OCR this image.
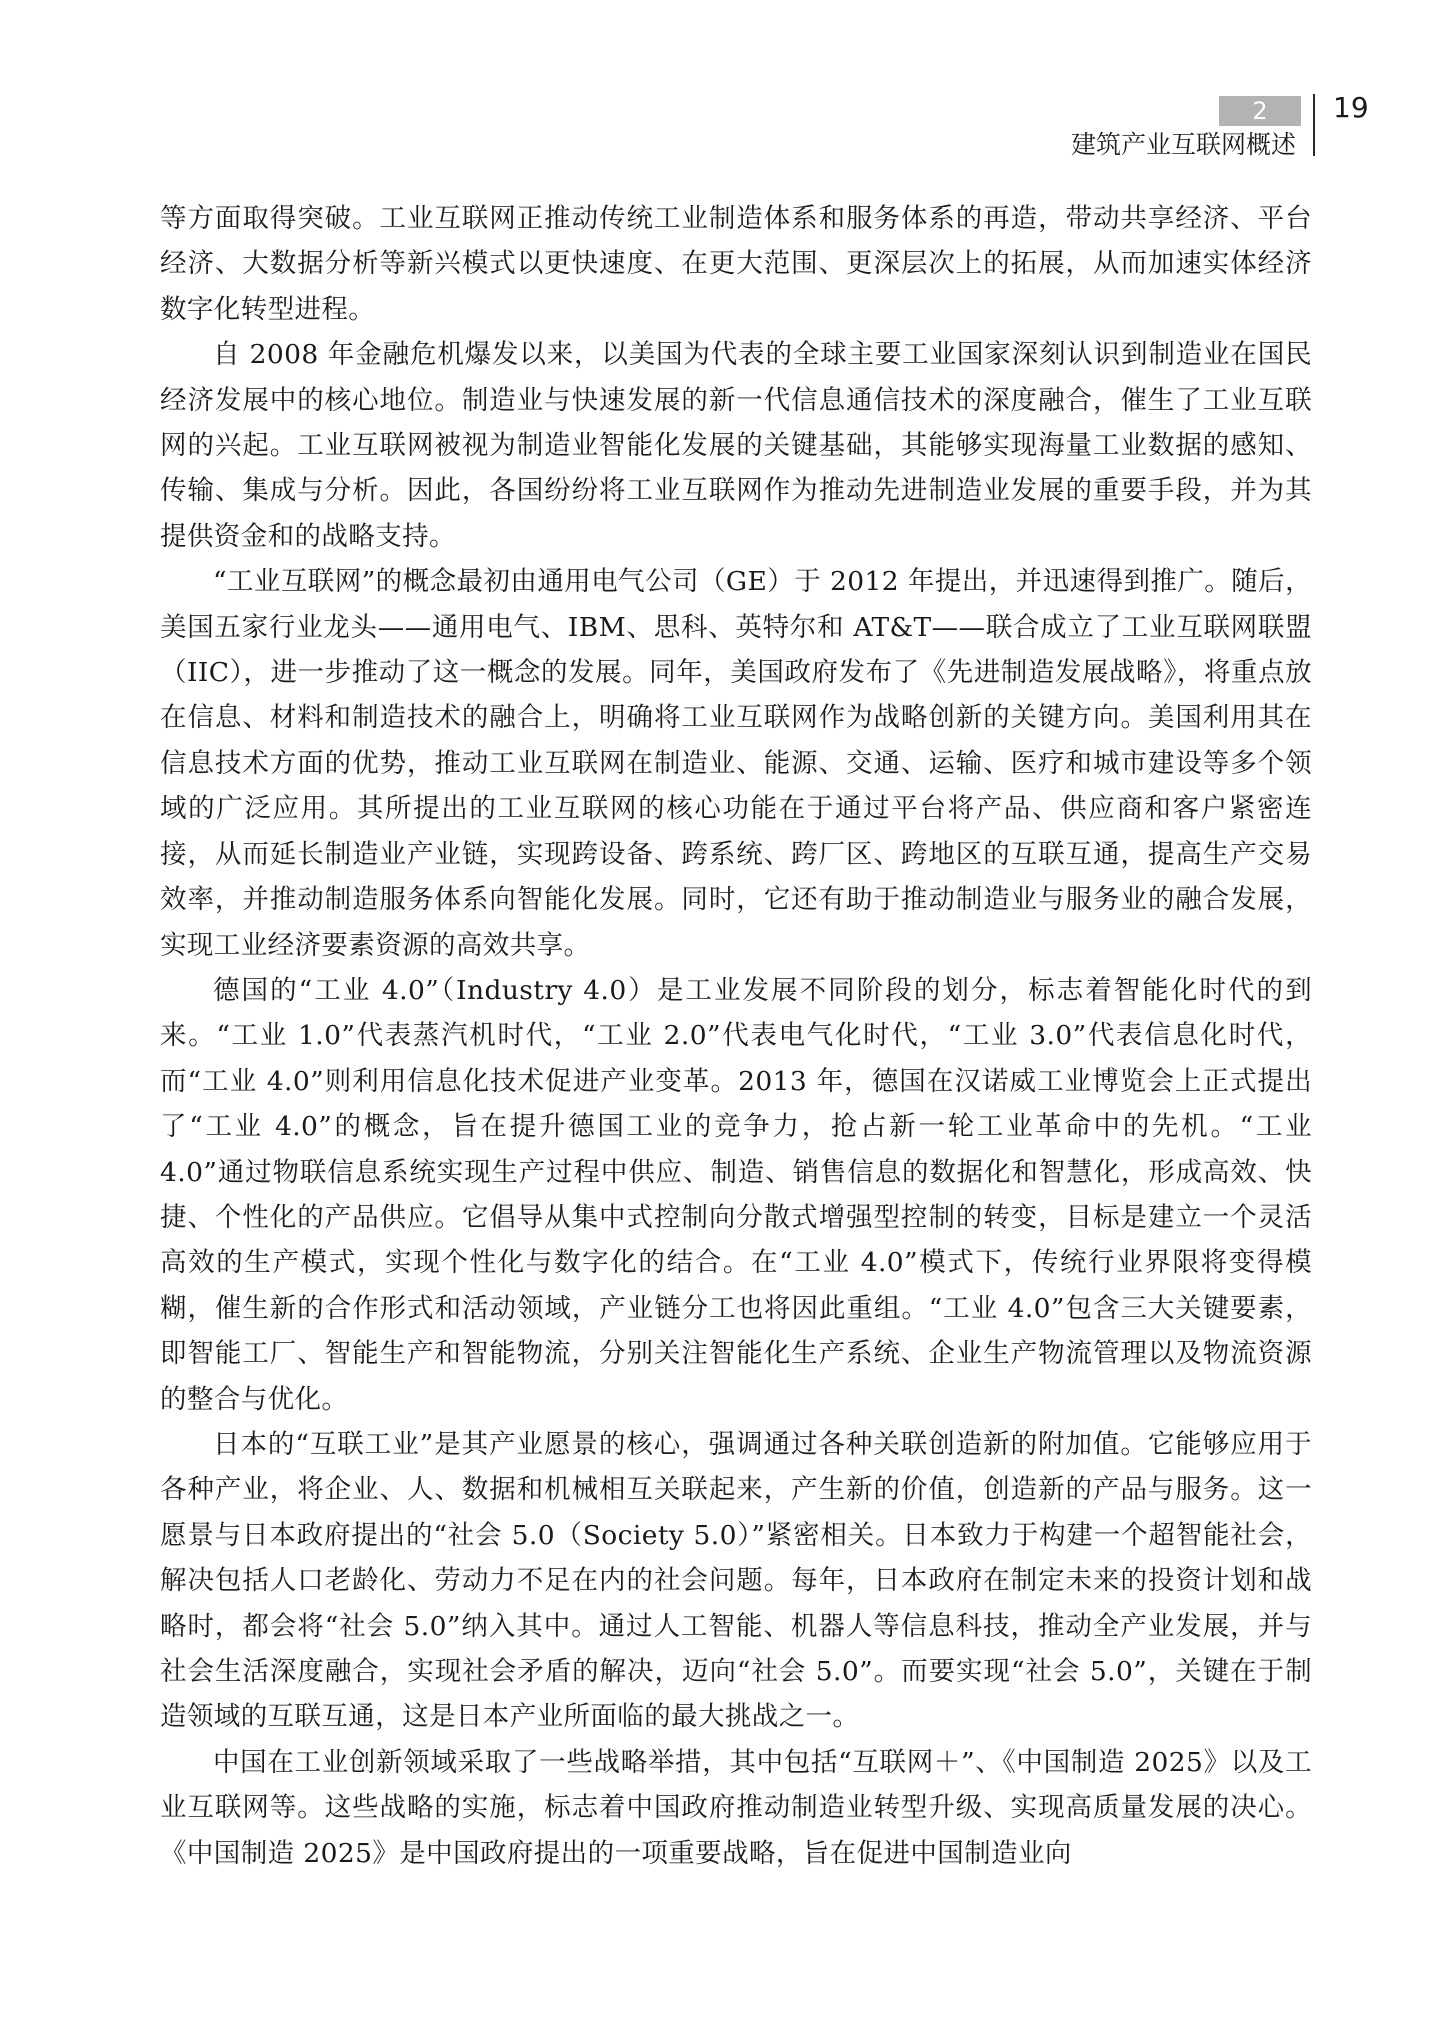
2
建筑产业互联网概述
19

等方面取得突破。工业互联网正推动传统工业制造体系和服务体系的再造，带动共享经济、平台经济、大数据分析等新兴模式以更快速度、在更大范围、更深层次上的拓展，从而加速实体经济数字化转型进程。

自 2008 年金融危机爆发以来，以美国为代表的全球主要工业国家深刻认识到制造业在国民经济发展中的核心地位。制造业与快速发展的新一代信息通信技术的深度融合，催生了工业互联网的兴起。工业互联网被视为制造业智能化发展的关键基础，其能够实现海量工业数据的感知、传输、集成与分析。因此，各国纷纷将工业互联网作为推动先进制造业发展的重要手段，并为其提供资金和的战略支持。

“工业互联网”的概念最初由通用电气公司（GE）于 2012 年提出，并迅速得到推广。随后，美国五家行业龙头——通用电气、IBM、思科、英特尔和 AT&T——联合成立了工业互联网联盟（IIC），进一步推动了这一概念的发展。同年，美国政府发布了《先进制造发展战略》，将重点放在信息、材料和制造技术的融合上，明确将工业互联网作为战略创新的关键方向。美国利用其在信息技术方面的优势，推动工业互联网在制造业、能源、交通、运输、医疗和城市建设等多个领域的广泛应用。其所提出的工业互联网的核心功能在于通过平台将产品、供应商和客户紧密连接，从而延长制造业产业链，实现跨设备、跨系统、跨厂区、跨地区的互联互通，提高生产交易效率，并推动制造服务体系向智能化发展。同时，它还有助于推动制造业与服务业的融合发展，实现工业经济要素资源的高效共享。

德国的“工业 4.0”（Industry 4.0）是工业发展不同阶段的划分，标志着智能化时代的到来。“工业 1.0”代表蒸汽机时代，“工业 2.0”代表电气化时代，“工业 3.0”代表信息化时代，而“工业 4.0”则利用信息化技术促进产业变革。2013 年，德国在汉诺威工业博览会上正式提出了“工业 4.0”的概念，旨在提升德国工业的竞争力，抢占新一轮工业革命中的先机。“工业 4.0”通过物联信息系统实现生产过程中供应、制造、销售信息的数据化和智慧化，形成高效、快捷、个性化的产品供应。它倡导从集中式控制向分散式增强型控制的转变，目标是建立一个灵活高效的生产模式，实现个性化与数字化的结合。在“工业 4.0”模式下，传统行业界限将变得模糊，催生新的合作形式和活动领域，产业链分工也将因此重组。“工业 4.0”包含三大关键要素，即智能工厂、智能生产和智能物流，分别关注智能化生产系统、企业生产物流管理以及物流资源的整合与优化。

日本的“互联工业”是其产业愿景的核心，强调通过各种关联创造新的附加值。它能够应用于各种产业，将企业、人、数据和机械相互关联起来，产生新的价值，创造新的产品与服务。这一愿景与日本政府提出的“社会 5.0（Society 5.0）”紧密相关。日本致力于构建一个超智能社会，解决包括人口老龄化、劳动力不足在内的社会问题。每年，日本政府在制定未来的投资计划和战略时，都会将“社会 5.0”纳入其中。通过人工智能、机器人等信息科技，推动全产业发展，并与社会生活深度融合，实现社会矛盾的解决，迈向“社会 5.0”。而要实现“社会 5.0”，关键在于制造领域的互联互通，这是日本产业所面临的最大挑战之一。

中国在工业创新领域采取了一些战略举措，其中包括“互联网＋”、《中国制造 2025》以及工业互联网等。这些战略的实施，标志着中国政府推动制造业转型升级、实现高质量发展的决心。《中国制造 2025》是中国政府提出的一项重要战略，旨在促进中国制造业向
